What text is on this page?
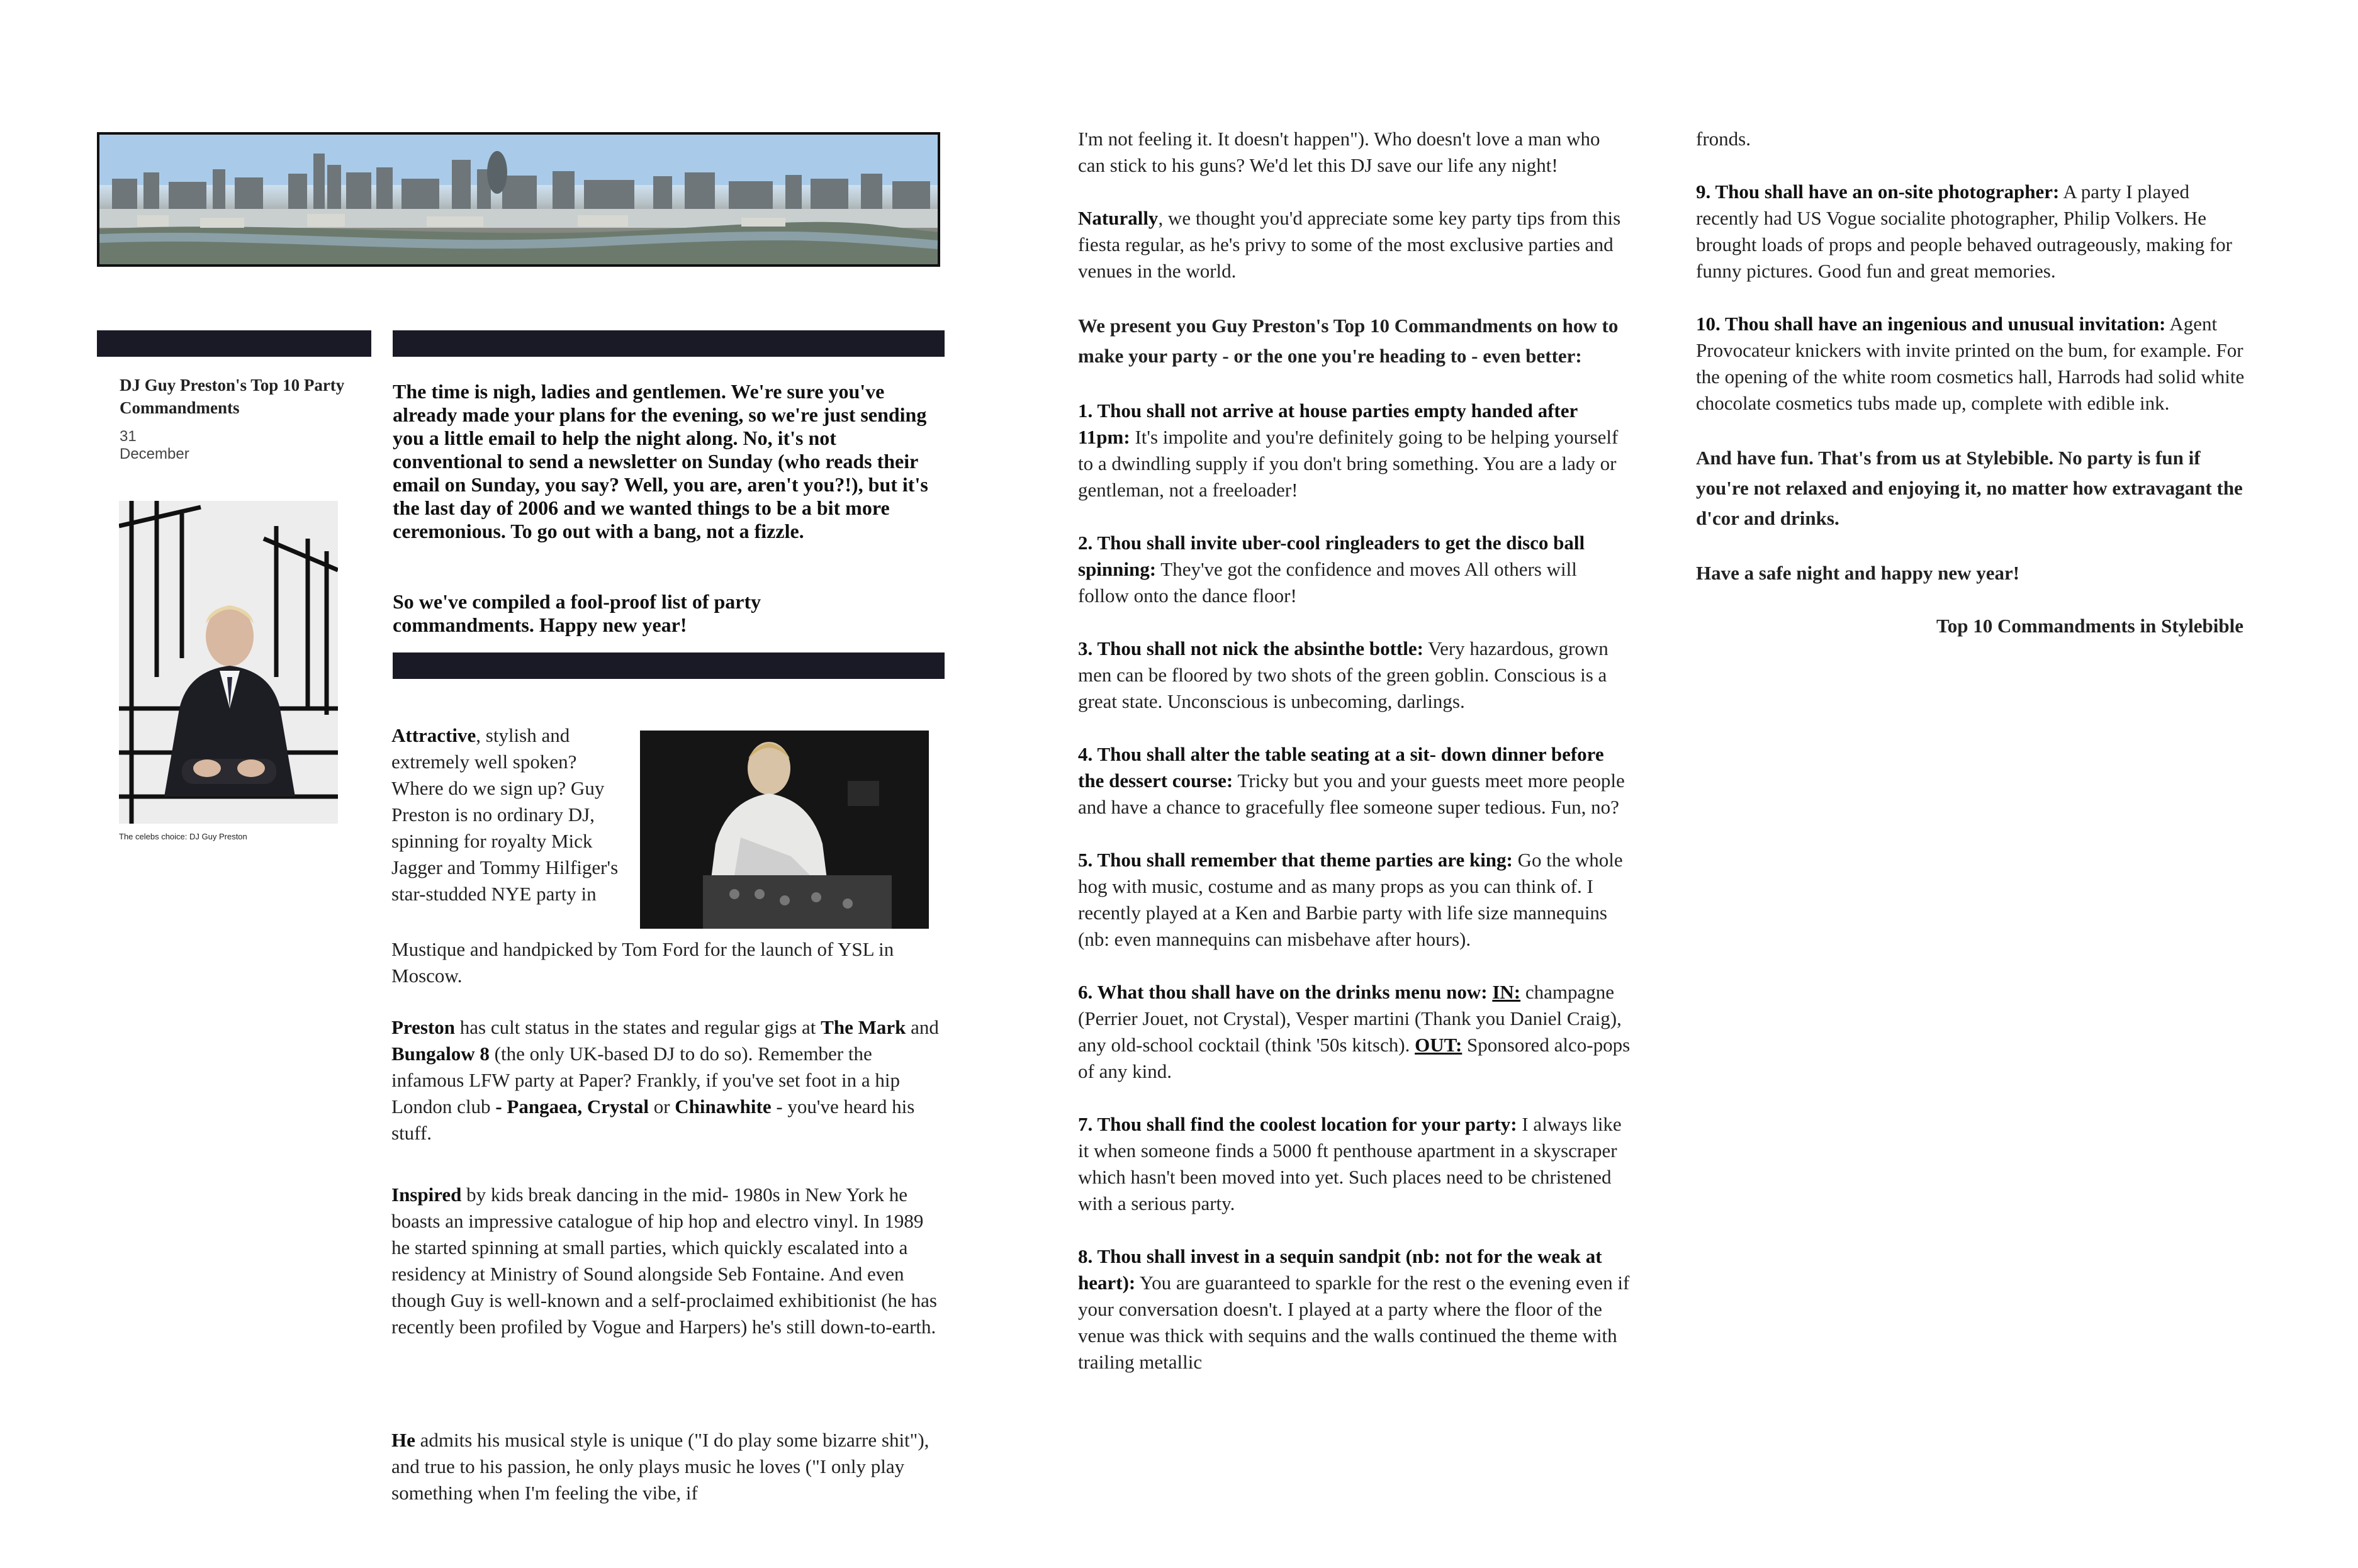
DJ Guy Preston's Top 10 Party Commandments
31
December
The celebs choice: DJ Guy Preston
The time is nigh, ladies and gentlemen. We're sure you've already made your plans for the evening, so we're just sending you a little email to help the night along. No, it's not conventional to send a newsletter on Sunday (who reads their email on Sunday, you say? Well, you are, aren't you?!), but it's the last day of 2006 and we wanted things to be a bit more ceremonious. To go out with a bang, not a fizzle.
So we've compiled a fool-proof list of party commandments. Happy new year!
Attractive, stylish and extremely well spoken? Where do we sign up? Guy Preston is no ordinary DJ, spinning for royalty Mick Jagger and Tommy Hilfiger's star-studded NYE party in
Mustique and handpicked by Tom Ford for the launch of YSL in Moscow.
Preston has cult status in the states and regular gigs at The Mark and Bungalow 8 (the only UK-based DJ to do so). Remember the infamous LFW party at Paper? Frankly, if you've set foot in a hip London club - Pangaea, Crystal or Chinawhite - you've heard his stuff.
Inspired by kids break dancing in the mid- 1980s in New York he boasts an impressive catalogue of hip hop and electro vinyl. In 1989 he started spinning at small parties, which quickly escalated into a residency at Ministry of Sound alongside Seb Fontaine. And even though Guy is well-known and a self-proclaimed exhibitionist (he has recently been profiled by Vogue and Harpers) he's still down-to-earth.
He admits his musical style is unique ("I do play some bizarre shit"), and true to his passion, he only plays music he loves ("I only play something when I'm feeling the vibe, if

I'm not feeling it. It doesn't happen"). Who doesn't love a man who can stick to his guns? We'd let this DJ save our life any night!

Naturally, we thought you'd appreciate some key party tips from this fiesta regular, as he's privy to some of the most exclusive parties and venues in the world.

We present you Guy Preston's Top 10 Commandments on how to make your party - or the one you're heading to - even better:

1. Thou shall not arrive at house parties empty handed after 11pm: It's impolite and you're definitely going to be helping yourself to a dwindling supply if you don't bring something. You are a lady or gentleman, not a freeloader!

2. Thou shall invite uber-cool ringleaders to get the disco ball spinning: They've got the confidence and moves All others will follow onto the dance floor!

3. Thou shall not nick the absinthe bottle: Very hazardous, grown men can be floored by two shots of the green goblin. Conscious is a great state. Unconscious is unbecoming, darlings.

4. Thou shall alter the table seating at a sit- down dinner before the dessert course: Tricky but you and your guests meet more people and have a chance to gracefully flee someone super tedious. Fun, no?

5. Thou shall remember that theme parties are king: Go the whole hog with music, costume and as many props as you can think of. I recently played at a Ken and Barbie party with life size mannequins (nb: even mannequins can misbehave after hours).

6. What thou shall have on the drinks menu now: IN: champagne (Perrier Jouet, not Crystal), Vesper martini (Thank you Daniel Craig), any old-school cocktail (think '50s kitsch). OUT: Sponsored alco-pops of any kind.

7. Thou shall find the coolest location for your party: I always like it when someone finds a 5000 ft penthouse apartment in a skyscraper which hasn't been moved into yet. Such places need to be christened with a serious party.

8. Thou shall invest in a sequin sandpit (nb: not for the weak at heart): You are guaranteed to sparkle for the rest o the evening even if your conversation doesn't. I played at a party where the floor of the venue was thick with sequins and the walls continued the theme with trailing metallic

fronds.

9. Thou shall have an on-site photographer: A party I played recently had US Vogue socialite photographer, Philip Volkers. He brought loads of props and people behaved outrageously, making for funny pictures. Good fun and great memories.

10. Thou shall have an ingenious and unusual invitation: Agent Provocateur knickers with invite printed on the bum, for example. For the opening of the white room cosmetics hall, Harrods had solid white chocolate cosmetics tubs made up, complete with edible ink.

And have fun. That's from us at Stylebible. No party is fun if you're not relaxed and enjoying it, no matter how extravagant the d'cor and drinks.

Have a safe night and happy new year!

Top 10 Commandments in Stylebible
